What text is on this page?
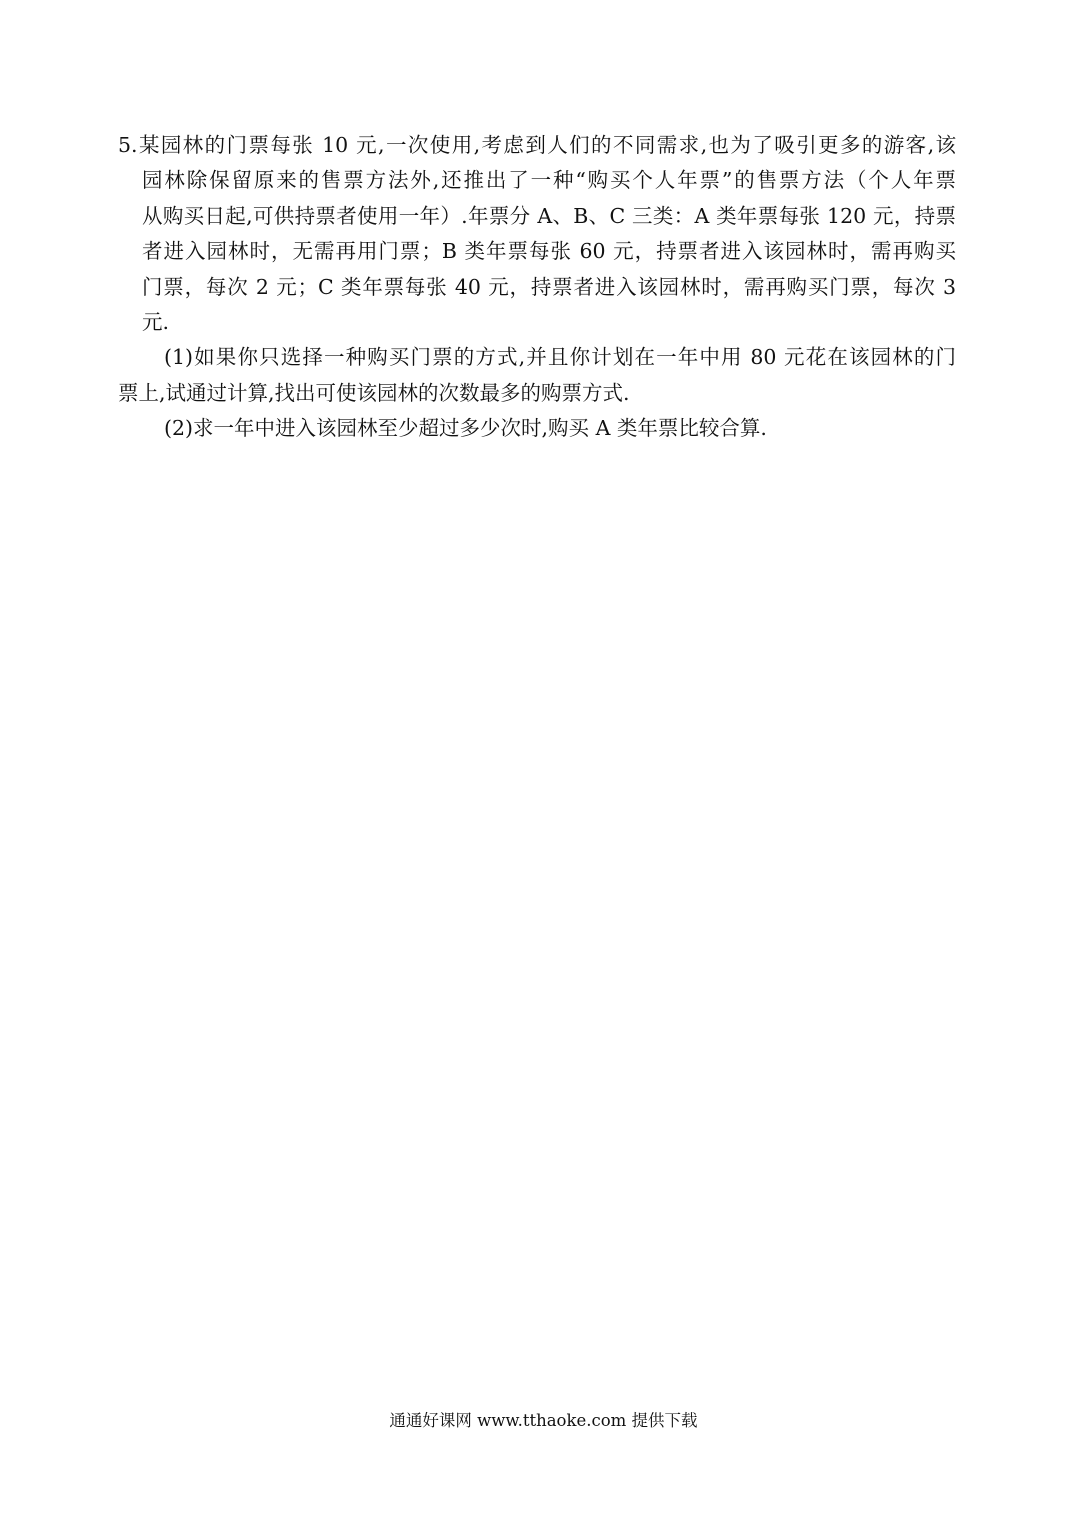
5.某园林的门票每张 10 元,一次使用,考虑到人们的不同需求,也为了吸引更多的游客,该
园林除保留原来的售票方法外,还推出了一种“购买个人年票”的售票方法（个人年票
从购买日起,可供持票者使用一年）.年票分 A、B、C 三类：A 类年票每张 120 元，持票
者进入园林时，无需再用门票；B 类年票每张 60 元，持票者进入该园林时，需再购买
门票，每次 2 元；C 类年票每张 40 元，持票者进入该园林时，需再购买门票，每次 3
元.
(1)如果你只选择一种购买门票的方式,并且你计划在一年中用 80 元花在该园林的门
票上,试通过计算,找出可使该园林的次数最多的购票方式.
(2)求一年中进入该园林至少超过多少次时,购买 A 类年票比较合算.
通通好课网 www.tthaoke.com 提供下载
